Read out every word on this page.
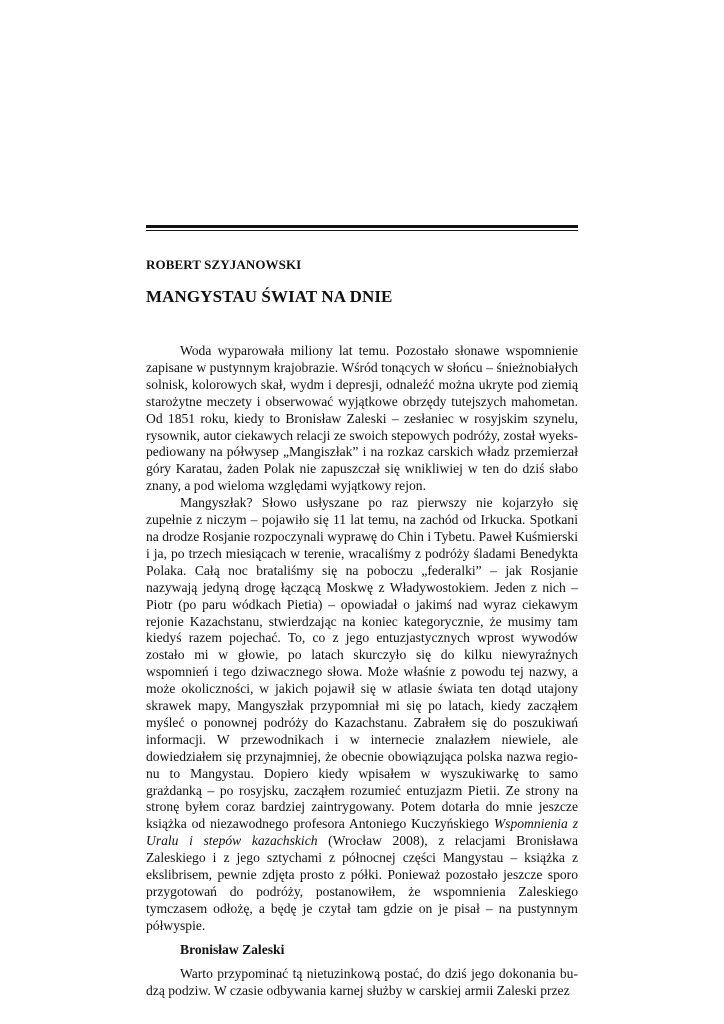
ROBERT SZYJANOWSKI
MANGYSTAU ŚWIAT NA DNIE

Woda wyparowała miliony lat temu. Pozostało słonawe wspomnienie zapisane w pustynnym krajobrazie. Wśród tonących w słońcu – śnieżnobiałych solnisk, kolorowych skał, wydm i depresji, odnaleźć można ukryte pod ziemią starożytne meczety i obserwować wyjątkowe obrzędy tutejszych mahometan. Od 1851 roku, kiedy to Bronisław Zaleski – zesłaniec w rosyjskim szynelu, rysownik, autor ciekawych relacji ze swoich stepowych podróży, został wyekspediowany na półwysep „Mangiszłak” i na rozkaz carskich władz przemierzał góry Karatau, żaden Polak nie zapuszczał się wnikliwiej w ten do dziś słabo znany, a pod wieloma względami wyjątkowy rejon.

Mangyszłak? Słowo usłyszane po raz pierwszy nie kojarzyło się zupełnie z niczym – pojawiło się 11 lat temu, na zachód od Irkucka. Spotkani na drodze Rosjanie rozpoczynali wyprawę do Chin i Tybetu. Paweł Kuśmierski i ja, po trzech miesiącach w terenie, wracaliśmy z podróży śladami Benedykta Polaka. Całą noc brataliśmy się na poboczu „federalki” – jak Rosjanie nazywają jedyną drogę łączącą Moskwę z Władywostokiem. Jeden z nich – Piotr (po paru wódkach Pietia) – opowiadał o jakimś nad wyraz ciekawym rejonie Kazachstanu, stwierdzając na koniec kategorycznie, że musimy tam kiedyś razem pojechać. To, co z jego entuzjastycznych wprost wywodów zostało mi w głowie, po latach skurczyło się do kilku niewyraźnych wspomnień i tego dziwacznego słowa. Może właśnie z powodu tej nazwy, a może okoliczności, w jakich pojawił się w atlasie świata ten dotąd utajony skrawek mapy, Mangyszłak przypomniał mi się po latach, kiedy zacząłem myśleć o ponownej podróży do Kazachstanu. Zabrałem się do poszukiwań informacji. W przewodnikach i w internecie znalazłem niewiele, ale dowiedziałem się przynajmniej, że obecnie obowiązująca polska nazwa regionu to Mangystau. Dopiero kiedy wpisałem w wyszukiwarkę to samo grażdanką – po rosyjsku, zacząłem rozumieć entuzjazm Pietii. Ze strony na stronę byłem coraz bardziej zaintrygowany. Potem dotarła do mnie jeszcze książka od niezawodnego profesora Antoniego Kuczyńskiego Wspomnienia z Uralu i stepów kazachskich (Wrocław 2008), z relacjami Bronisława Zaleskiego i z jego sztychami z północnej części Mangystau – książka z ekslibrisem, pewnie zdjęta prosto z półki. Ponieważ pozostało jeszcze sporo przygotowań do podróży, postanowiłem, że wspomnienia Zaleskiego tymczasem odłożę, a będę je czytał tam gdzie on je pisał – na pustynnym półwyspie.

Bronisław Zaleski

Warto przypominać tą nietuzinkową postać, do dziś jego dokonania budzą podziw. W czasie odbywania karnej służby w carskiej armii Zaleski przez
